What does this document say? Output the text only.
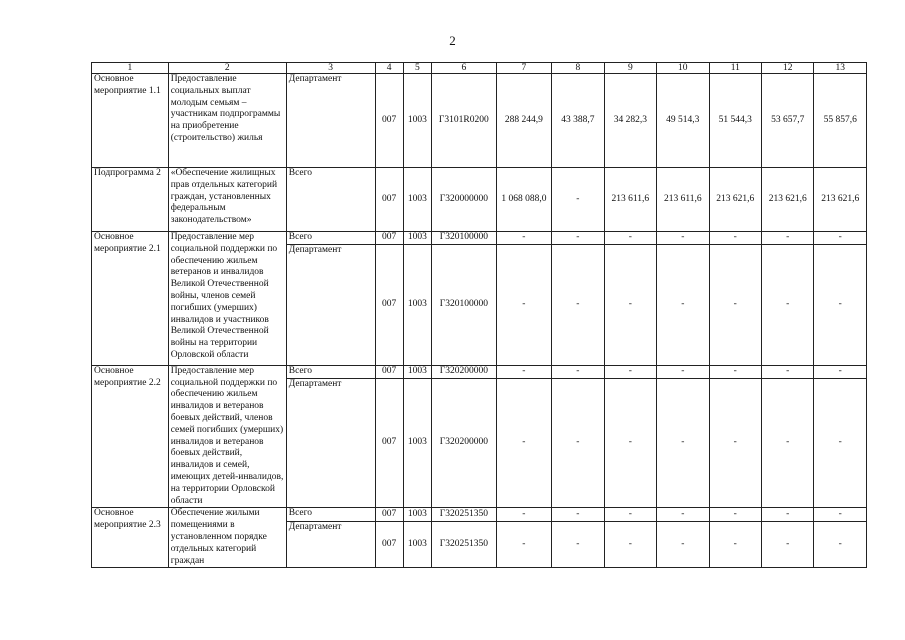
2
1	2	3	4	5	6	7	8	9	10	11	12	13
Основное мероприятие 1.1	Предоставление социальных выплат молодым семьям – участникам подпрограммы на приобретение (строительство) жилья	Департамент	007	1003	Г3101R0200	288 244,9	43 388,7	34 282,3	49 514,3	51 544,3	53 657,7	55 857,6
Подпрограмма 2	«Обеспечение жилищных прав отдельных категорий граждан, установленных федеральным законодательством»	Всего	007	1003	Г320000000	1 068 088,0	-	213 611,6	213 611,6	213 621,6	213 621,6	213 621,6
Основное мероприятие 2.1	Предоставление мер социальной поддержки по обеспечению жильем ветеранов и инвалидов Великой Отечественной войны, членов семей погибших (умерших) инвалидов и участников Великой Отечественной войны на территории Орловской области	Всего	007	1003	Г320100000	-	-	-	-	-	-	-
		Департамент	007	1003	Г320100000	-	-	-	-	-	-	-
Основное мероприятие 2.2	Предоставление мер социальной поддержки по обеспечению жильем инвалидов и ветеранов боевых действий, членов семей погибших (умерших) инвалидов и ветеранов боевых действий, инвалидов и семей, имеющих детей-инвалидов, на территории Орловской области	Всего	007	1003	Г320200000	-	-	-	-	-	-	-
		Департамент	007	1003	Г320200000	-	-	-	-	-	-	-
Основное мероприятие 2.3	Обеспечение жилыми помещениями в установленном порядке отдельных категорий граждан	Всего	007	1003	Г320251350	-	-	-	-	-	-	-
		Департамент	007	1003	Г320251350	-	-	-	-	-	-	-
